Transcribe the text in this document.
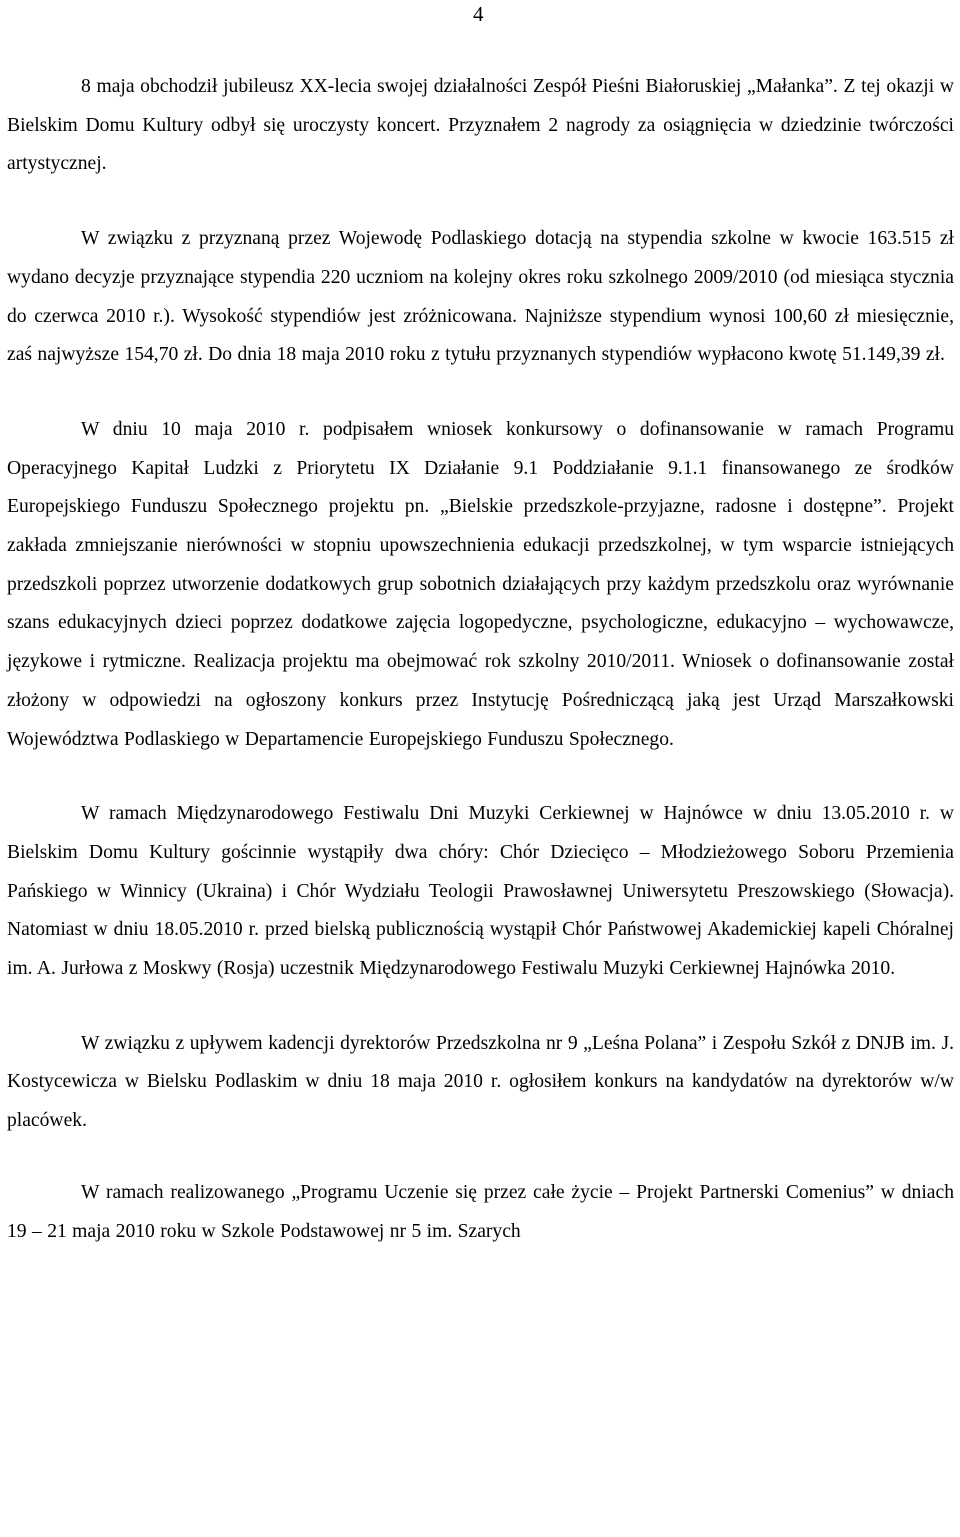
4

8 maja obchodził jubileusz XX-lecia swojej działalności Zespół Pieśni Białoruskiej „Małanka”. Z tej okazji w Bielskim Domu Kultury odbył się uroczysty koncert. Przyznałem 2 nagrody za osiągnięcia w dziedzinie twórczości artystycznej.

W związku z przyznaną przez Wojewodę Podlaskiego dotacją na stypendia szkolne w kwocie 163.515 zł wydano decyzje przyznające stypendia 220 uczniom na kolejny okres roku szkolnego 2009/2010 (od miesiąca stycznia do czerwca 2010 r.). Wysokość stypendiów jest zróżnicowana. Najniższe stypendium wynosi 100,60 zł miesięcznie, zaś najwyższe 154,70 zł. Do dnia 18 maja 2010 roku z tytułu przyznanych stypendiów wypłacono kwotę 51.149,39 zł.

W dniu 10 maja 2010 r. podpisałem wniosek konkursowy o dofinansowanie w ramach Programu Operacyjnego Kapitał Ludzki z Priorytetu IX Działanie 9.1 Poddziałanie 9.1.1 finansowanego ze środków Europejskiego Funduszu Społecznego projektu pn. „Bielskie przedszkole-przyjazne, radosne i dostępne”. Projekt zakłada zmniejszanie nierówności w stopniu upowszechnienia edukacji przedszkolnej, w tym wsparcie istniejących przedszkoli poprzez utworzenie dodatkowych grup sobotnich działających przy każdym przedszkolu oraz wyrównanie szans edukacyjnych dzieci poprzez dodatkowe zajęcia logopedyczne, psychologiczne, edukacyjno – wychowawcze, językowe i rytmiczne. Realizacja projektu ma obejmować rok szkolny 2010/2011. Wniosek o dofinansowanie został złożony w odpowiedzi na ogłoszony konkurs przez Instytucję Pośredniczącą jaką jest Urząd Marszałkowski Województwa Podlaskiego w Departamencie Europejskiego Funduszu Społecznego.

W ramach Międzynarodowego Festiwalu Dni Muzyki Cerkiewnej w Hajnówce w dniu 13.05.2010 r. w Bielskim Domu Kultury gościnnie wystąpiły dwa chóry: Chór Dziecięco – Młodzieżowego Soboru Przemienia Pańskiego w Winnicy (Ukraina) i Chór Wydziału Teologii Prawosławnej Uniwersytetu Preszowskiego (Słowacja). Natomiast w dniu 18.05.2010 r. przed bielską publicznością wystąpił Chór Państwowej Akademickiej kapeli Chóralnej im. A. Jurłowa z Moskwy (Rosja) uczestnik Międzynarodowego Festiwalu Muzyki Cerkiewnej Hajnówka 2010.

W związku z upływem kadencji dyrektorów Przedszkolna nr 9 „Leśna Polana” i Zespołu Szkół z DNJB im. J. Kostycewicza w Bielsku Podlaskim w dniu 18 maja 2010 r. ogłosiłem konkurs na kandydatów na dyrektorów w/w placówek.

W ramach realizowanego „Programu Uczenie się przez całe życie – Projekt Partnerski Comenius” w dniach 19 – 21 maja 2010 roku w Szkole Podstawowej nr 5 im. Szarych
